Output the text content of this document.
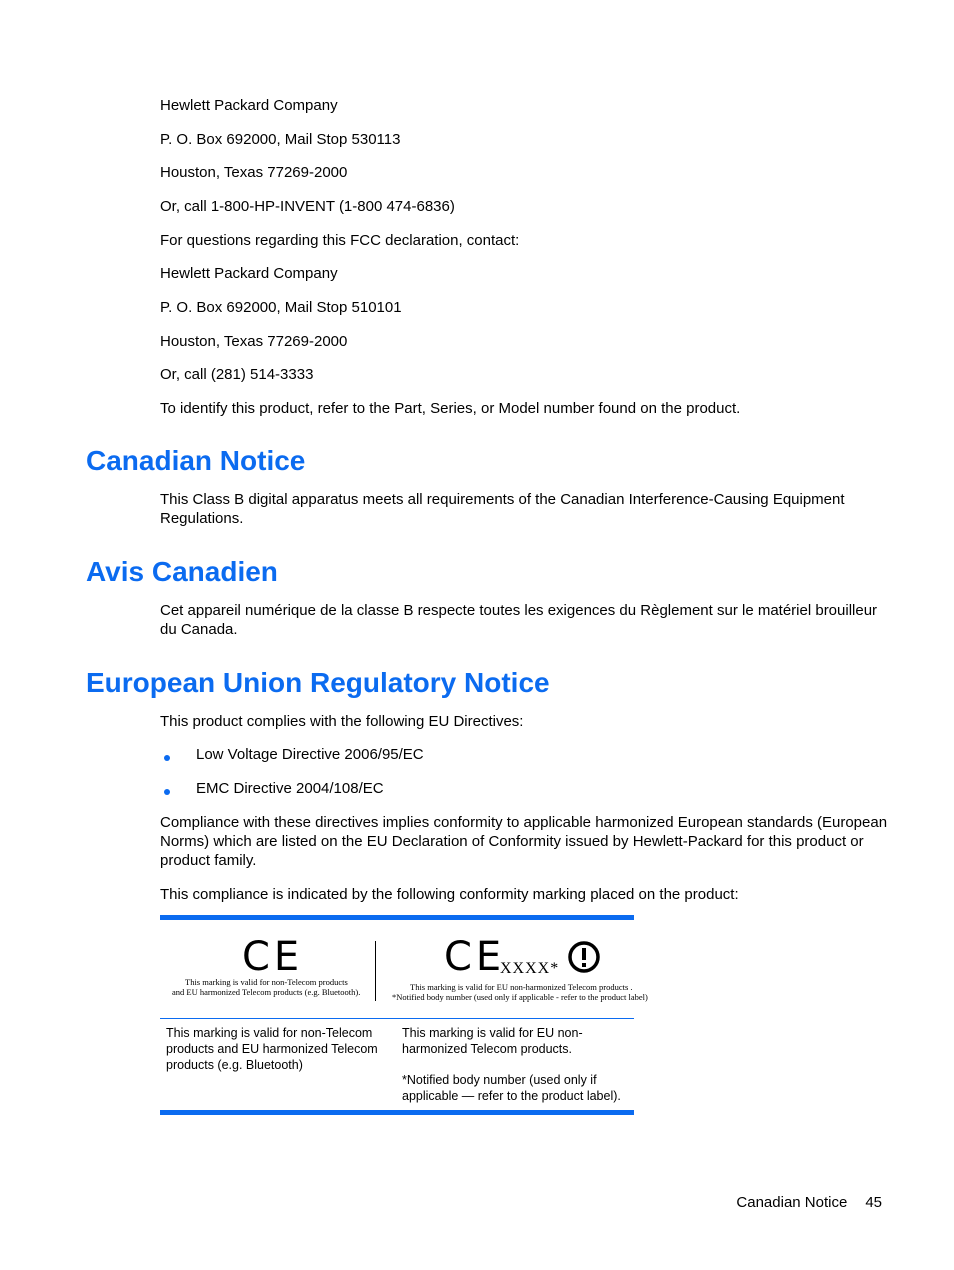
Hewlett Packard Company

P. O. Box 692000, Mail Stop 530113

Houston, Texas 77269-2000

Or, call 1-800-HP-INVENT (1-800 474-6836)

For questions regarding this FCC declaration, contact:

Hewlett Packard Company

P. O. Box 692000, Mail Stop 510101

Houston, Texas 77269-2000

Or, call (281) 514-3333

To identify this product, refer to the Part, Series, or Model number found on the product.

Canadian Notice

This Class B digital apparatus meets all requirements of the Canadian Interference-Causing Equipment Regulations.

Avis Canadien

Cet appareil numérique de la classe B respecte toutes les exigences du Règlement sur le matériel brouilleur du Canada.

European Union Regulatory Notice

This product complies with the following EU Directives:

Low Voltage Directive 2006/95/EC
EMC Directive 2004/108/EC

Compliance with these directives implies conformity to applicable harmonized European standards (European Norms) which are listed on the EU Declaration of Conformity issued by Hewlett-Packard for this product or product family.

This compliance is indicated by the following conformity marking placed on the product:

CE
This marking is valid for non-Telecom products
and EU harmonized Telecom products (e.g. Bluetooth).
CE
XXXX*
This marking is valid for EU non-harmonized Telecom products .
*Notified body number (used only if applicable - refer to the product label)
This marking is valid for non-Telecom products and EU harmonized Telecom products (e.g. Bluetooth)
This marking is valid for EU non-harmonized Telecom products.
*Notified body number (used only if applicable — refer to the product label).
Canadian Notice 45
